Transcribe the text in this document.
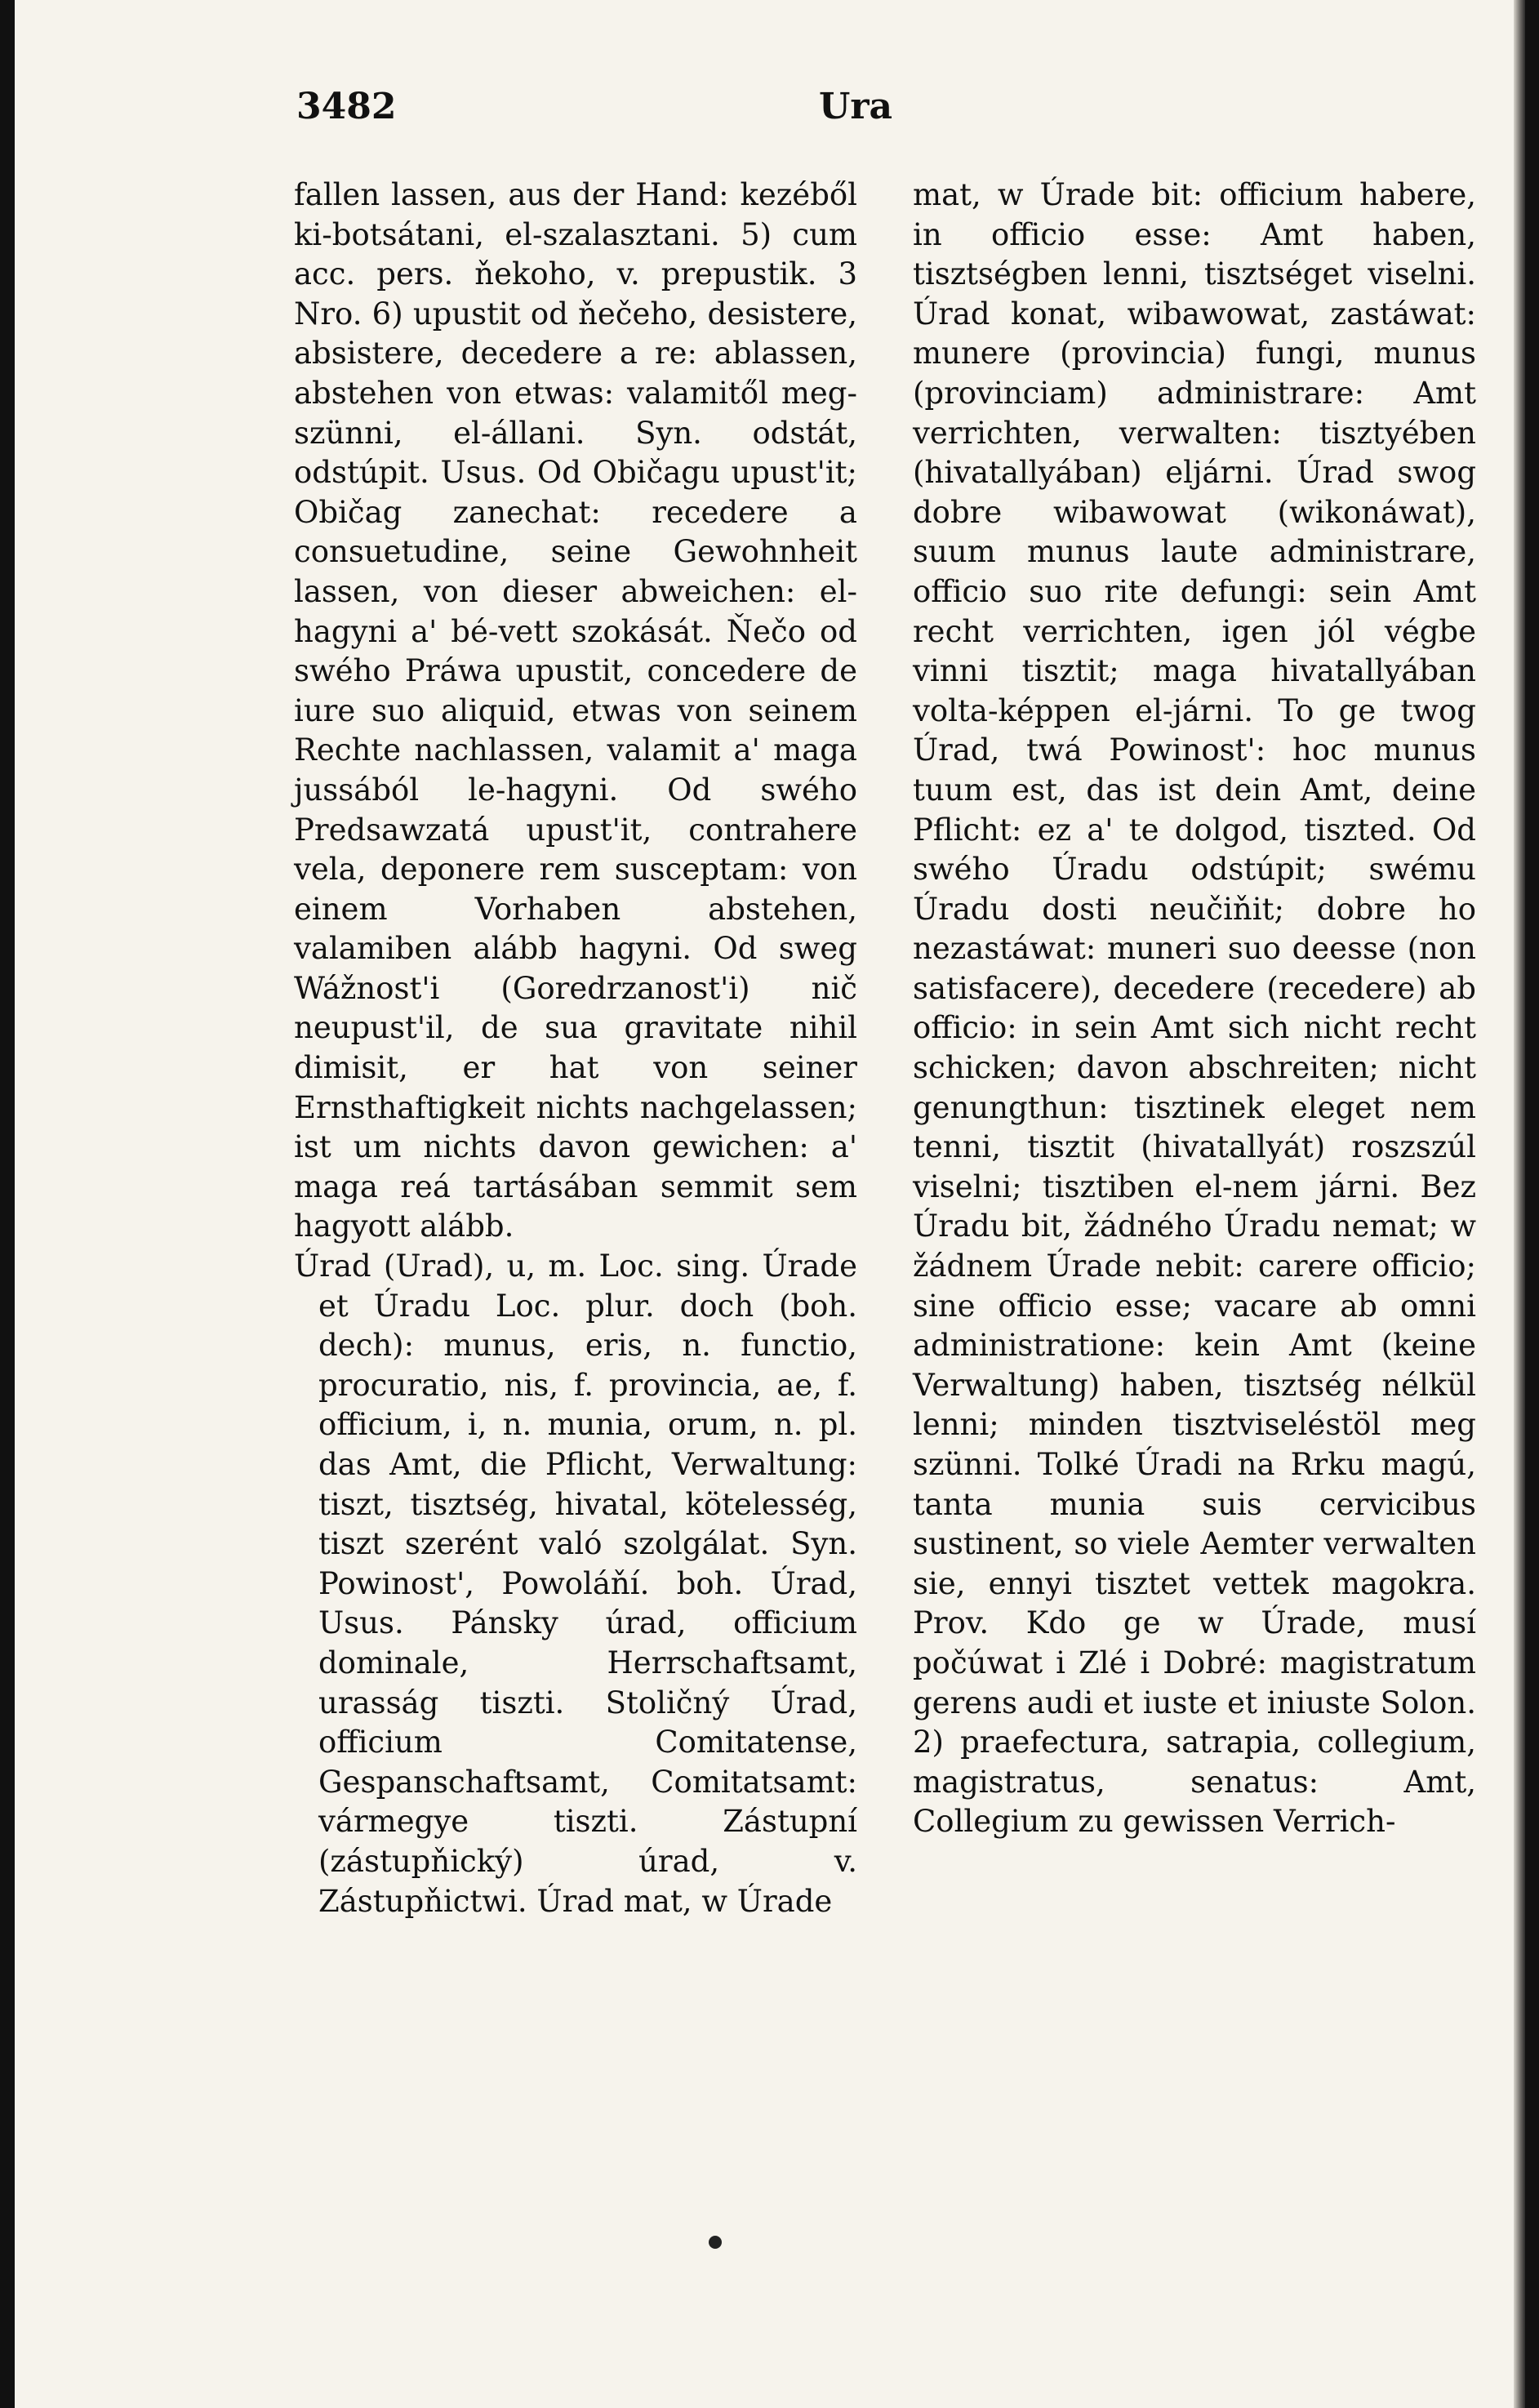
3482	Ura

fallen lassen, aus der Hand: kezéből ki-botsátani, el-szalasztani. 5) cum acc. pers. ňekoho, v. prepustik. 3 Nro. 6) upustit od ňečeho, desistere, absistere, decedere a re: ablassen, abstehen von etwas: valamitől meg-szünni, el-állani. Syn. odstát, odstúpit. Usus. Od Običagu upust'it; Običag zanechat: recedere a consuetudine, seine Gewohnheit lassen, von dieser abweichen: el-hagyni a' bé-vett szokását. Ňečo od swého Práwa upustit, concedere de iure suo aliquid, etwas von seinem Rechte nachlassen, valamit a' maga jussából le-hagyni. Od swého Predsawzatá upust'it, contrahere vela, deponere rem susceptam: von einem Vorhaben abstehen, valamiben alább hagyni. Od sweg Wážnost'i (Goredrzanost'i) nič neupust'il, de sua gravitate nihil dimisit, er hat von seiner Ernsthaftigkeit nichts nachgelassen; ist um nichts davon gewichen: a' maga reá tartásában semmit sem hagyott alább.

Úrad (Urad), u, m. Loc. sing. Úrade et Úradu Loc. plur. doch (boh. dech): munus, eris, n. functio, procuratio, nis, f. provincia, ae, f. officium, i, n. munia, orum, n. pl. das Amt, die Pflicht, Verwaltung: tiszt, tisztség, hivatal, kötelesség, tiszt szerént való szolgálat. Syn. Powinost', Powoláňí. boh. Úrad, Usus. Pánsky úrad, officium dominale, Herrschaftsamt, urasság tiszti. Stoličný Úrad, officium Comitatense, Gespanschaftsamt, Comitatsamt: vármegye tiszti. Zástupní (zástupňický) úrad, v. Zástupňictwi. Úrad mat, w Úrade

mat, w Úrade bit: officium habere, in officio esse: Amt haben, tisztségben lenni, tisztséget viselni. Úrad konat, wibawowat, zastáwat: munere (provincia) fungi, munus (provinciam) administrare: Amt verrichten, verwalten: tisztyében (hivatallyában) eljárni. Úrad swog dobre wibawowat (wikonáwat), suum munus laute administrare, officio suo rite defungi: sein Amt recht verrichten, igen jól végbe vinni tisztit; maga hivatallyában volta-képpen el-járni. To ge twog Úrad, twá Powinost': hoc munus tuum est, das ist dein Amt, deine Pflicht: ez a' te dolgod, tiszted. Od swého Úradu odstúpit; swému Úradu dosti neučiňit; dobre ho nezastáwat: muneri suo deesse (non satisfacere), decedere (recedere) ab officio: in sein Amt sich nicht recht schicken; davon abschreiten; nicht genungthun: tisztinek eleget nem tenni, tisztit (hivatallyát) roszszúl viselni; tisztiben el-nem járni. Bez Úradu bit, žádného Úradu nemat; w žádnem Úrade nebit: carere officio; sine officio esse; vacare ab omni administratione: kein Amt (keine Verwaltung) haben, tisztség nélkül lenni; minden tisztviseléstöl meg szünni. Tolké Úradi na Rrku magú, tanta munia suis cervicibus sustinent, so viele Aemter verwalten sie, ennyi tisztet vettek magokra. Prov. Kdo ge w Úrade, musí počúwat i Zlé i Dobré: magistratum gerens audi et iuste et iniuste Solon. 2) praefectura, satrapia, collegium, magistratus, senatus: Amt, Collegium zu gewissen Verrich-
